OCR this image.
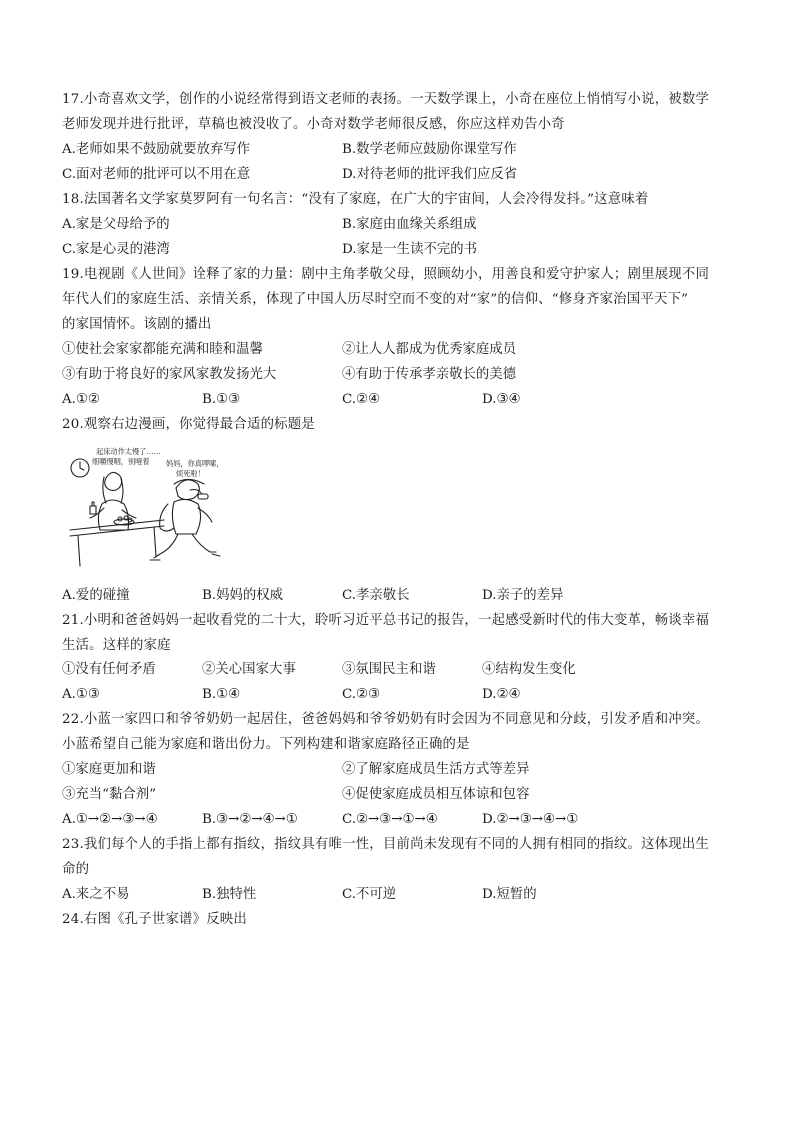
17.小奇喜欢文学，创作的小说经常得到语文老师的表扬。一天数学课上，小奇在座位上悄悄写小说，被数学
老师发现并进行批评，草稿也被没收了。小奇对数学老师很反感，你应这样劝告小奇
A.老师如果不鼓励就要放弃写作	B.数学老师应鼓励你课堂写作
C.面对老师的批评可以不用在意	D.对待老师的批评我们应反省
18.法国著名文学家莫罗阿有一句名言：“没有了家庭，在广大的宇宙间，人会冷得发抖。”这意味着
A.家是父母给予的	B.家庭由血缘关系组成
C.家是心灵的港湾	D.家是一生读不完的书
19.电视剧《人世间》诠释了家的力量：剧中主角孝敬父母，照顾幼小，用善良和爱守护家人；剧里展现不同
年代人们的家庭生活、亲情关系，体现了中国人历尽时空而不变的对“家”的信仰、“修身齐家治国平天下”
的家国情怀。该剧的播出
①使社会家家都能充满和睦和温馨	②让人人都成为优秀家庭成员
③有助于将良好的家风家教发扬光大	④有助于传承孝亲敬长的美德
A.①②	B.①③	C.②④	D.③④
20.观察右边漫画，你觉得最合适的标题是
起床动作太慢了……
细嚼慢咽，别噎着 妈妈，你真啰嗦，
烦死啦！
A.爱的碰撞	B.妈妈的权威	C.孝亲敬长	D.亲子的差异
21.小明和爸爸妈妈一起收看党的二十大，聆听习近平总书记的报告，一起感受新时代的伟大变革，畅谈幸福
生活。这样的家庭
①没有任何矛盾	②关心国家大事	③氛围民主和谐	④结构发生变化
A.①③	B.①④	C.②③	D.②④
22.小蓝一家四口和爷爷奶奶一起居住，爸爸妈妈和爷爷奶奶有时会因为不同意见和分歧，引发矛盾和冲突。
小蓝希望自己能为家庭和谐出份力。下列构建和谐家庭路径正确的是
①家庭更加和谐	②了解家庭成员生活方式等差异
③充当“黏合剂”	④促使家庭成员相互体谅和包容
A.①→②→③→④	B.③→②→④→①	C.②→③→①→④	D.②→③→④→①
23.我们每个人的手指上都有指纹，指纹具有唯一性，目前尚未发现有不同的人拥有相同的指纹。这体现出生
命的
A.来之不易	B.独特性	C.不可逆	D.短暂的
24.右图《孔子世家谱》反映出
